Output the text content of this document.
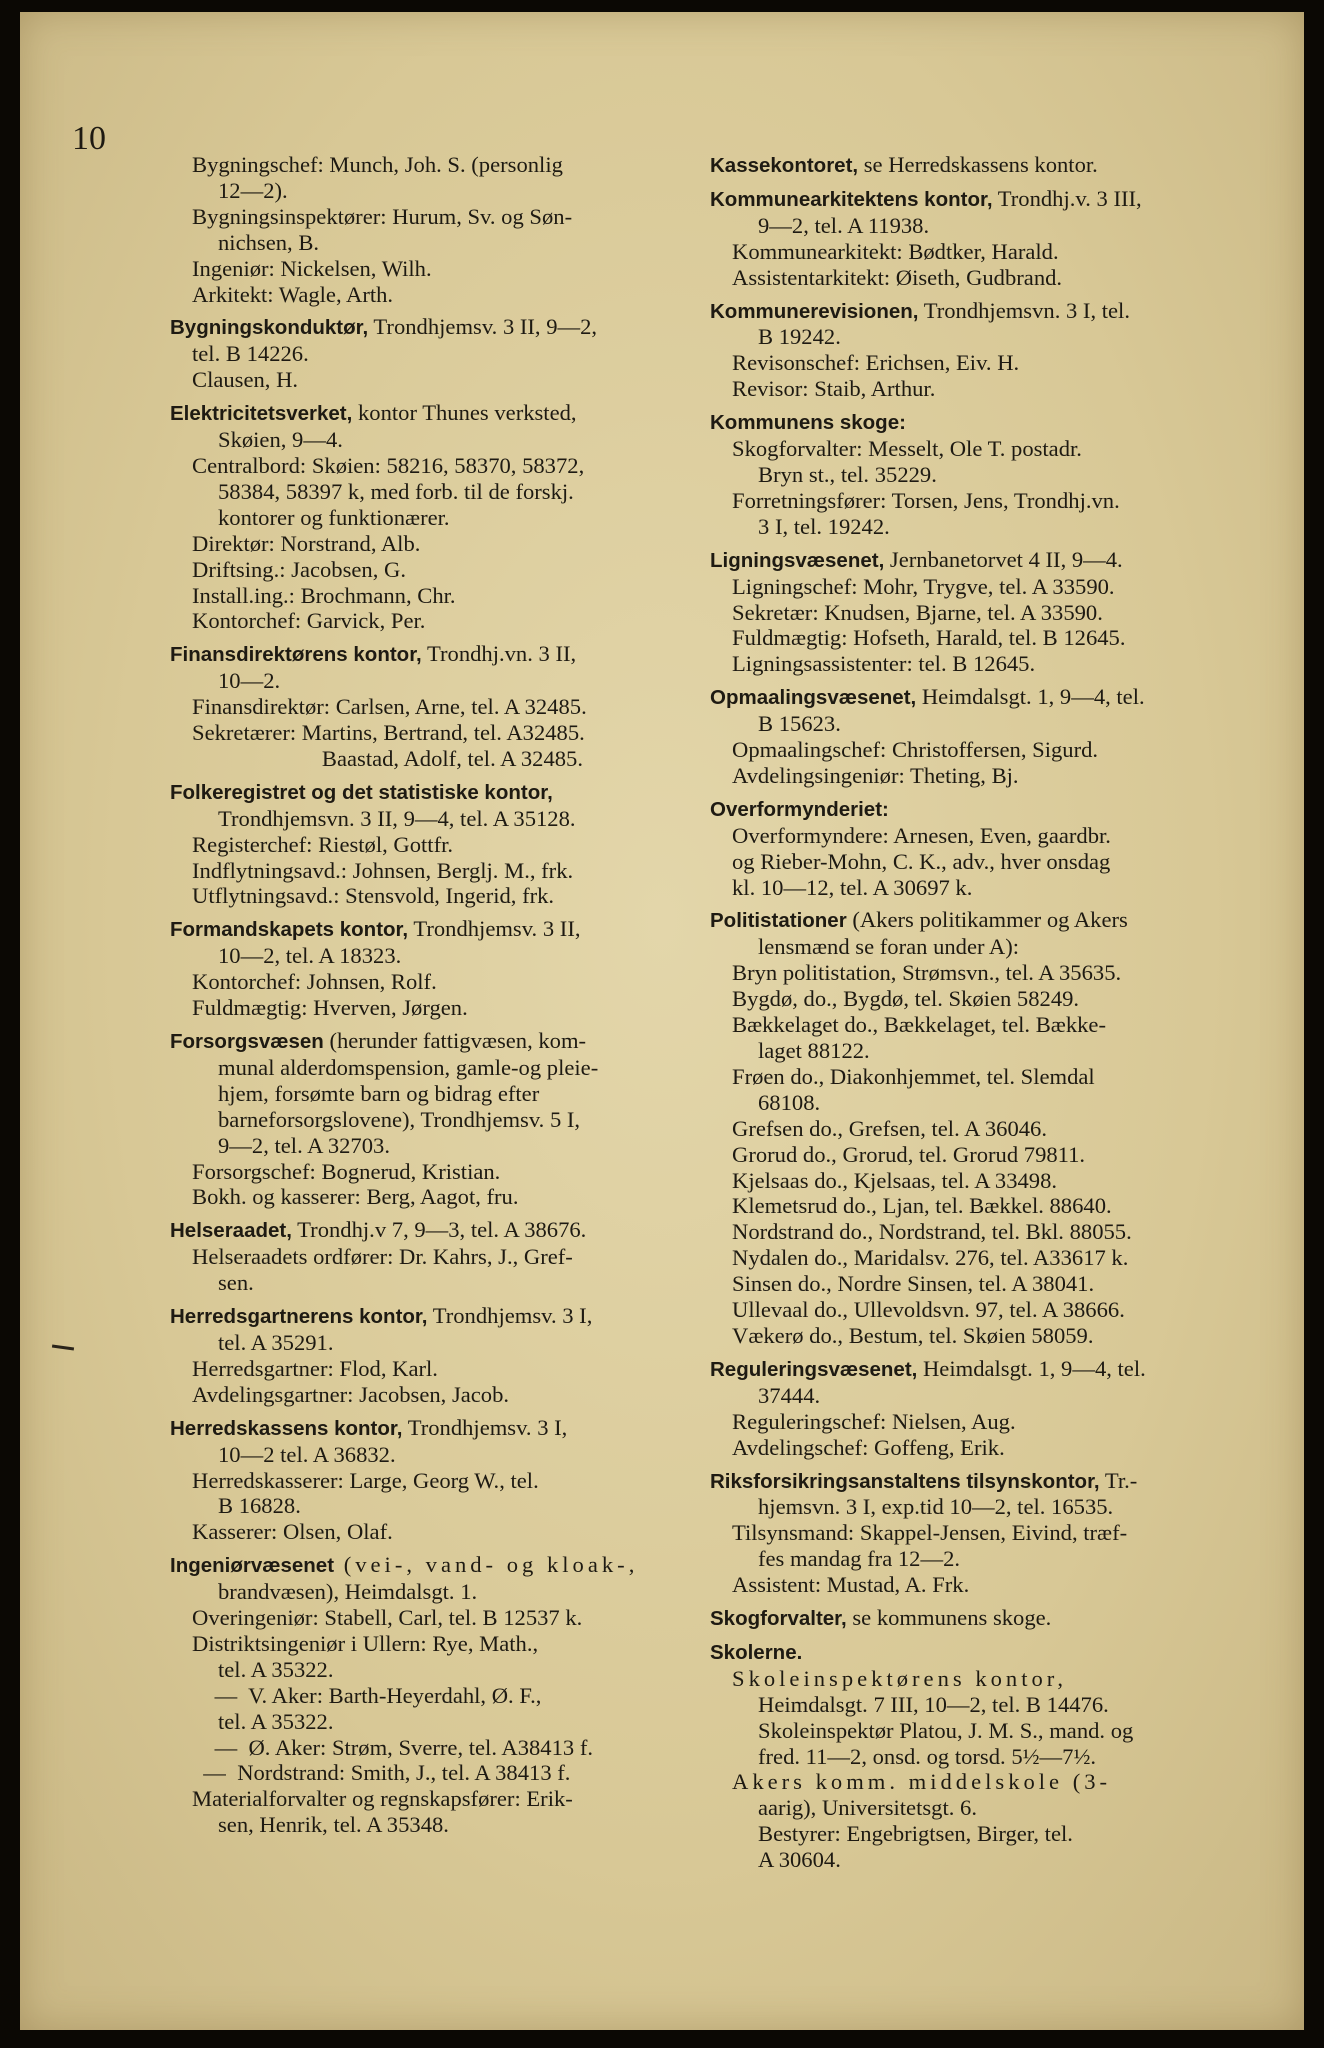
10
Bygningschef: Munch, Joh. S. (personlig
12—2).
Bygningsinspektører: Hurum, Sv. og Søn-
nichsen, B.
Ingeniør: Nickelsen, Wilh.
Arkitekt: Wagle, Arth.
Bygningskonduktør, Trondhjemsv. 3 II, 9—2,
tel. B 14226.
Clausen, H.
Elektricitetsverket, kontor Thunes verksted,
Skøien, 9—4.
Centralbord: Skøien: 58216, 58370, 58372,
58384, 58397 k, med forb. til de forskj.
kontorer og funktionærer.
Direktør: Norstrand, Alb.
Driftsing.: Jacobsen, G.
Install.ing.: Brochmann, Chr.
Kontorchef: Garvick, Per.
Finansdirektørens kontor, Trondhj.vn. 3 II,
10—2.
Finansdirektør: Carlsen, Arne, tel. A 32485.
Sekretærer: Martins, Bertrand, tel. A32485.
Baastad, Adolf, tel. A 32485.
Folkeregistret og det statistiske kontor,
Trondhjemsvn. 3 II, 9—4, tel. A 35128.
Registerchef: Riestøl, Gottfr.
Indflytningsavd.: Johnsen, Berglj. M., frk.
Utflytningsavd.: Stensvold, Ingerid, frk.
Formandskapets kontor, Trondhjemsv. 3 II,
10—2, tel. A 18323.
Kontorchef: Johnsen, Rolf.
Fuldmægtig: Hverven, Jørgen.
Forsorgsvæsen (herunder fattigvæsen, kom-
munal alderdomspension, gamle-og pleie-
hjem, forsømte barn og bidrag efter
barneforsorgslovene), Trondhjemsv. 5 I,
9—2, tel. A 32703.
Forsorgschef: Bognerud, Kristian.
Bokh. og kasserer: Berg, Aagot, fru.
Helseraadet, Trondhj.v 7, 9—3, tel. A 38676.
Helseraadets ordfører: Dr. Kahrs, J., Gref-
sen.
Herredsgartnerens kontor, Trondhjemsv. 3 I,
tel. A 35291.
Herredsgartner: Flod, Karl.
Avdelingsgartner: Jacobsen, Jacob.
Herredskassens kontor, Trondhjemsv. 3 I,
10—2 tel. A 36832.
Herredskasserer: Large, Georg W., tel.
B 16828.
Kasserer: Olsen, Olaf.
Ingeniørvæsenet (vei-, vand- og kloak-,
brandvæsen), Heimdalsgt. 1.
Overingeniør: Stabell, Carl, tel. B 12537 k.
Distriktsingeniør i Ullern: Rye, Math.,
tel. A 35322.
—  V. Aker: Barth-Heyerdahl, Ø. F.,
tel. A 35322.
—  Ø. Aker: Strøm, Sverre, tel. A38413 f.
—  Nordstrand: Smith, J., tel. A 38413 f.
Materialforvalter og regnskapsfører: Erik-
sen, Henrik, tel. A 35348.
Kassekontoret, se Herredskassens kontor.
Kommunearkitektens kontor, Trondhj.v. 3 III,
9—2, tel. A 11938.
Kommunearkitekt: Bødtker, Harald.
Assistentarkitekt: Øiseth, Gudbrand.
Kommunerevisionen, Trondhjemsvn. 3 I, tel.
B 19242.
Revisonschef: Erichsen, Eiv. H.
Revisor: Staib, Arthur.
Kommunens skoge:
Skogforvalter: Messelt, Ole T. postadr.
Bryn st., tel. 35229.
Forretningsfører: Torsen, Jens, Trondhj.vn.
3 I, tel. 19242.
Ligningsvæsenet, Jernbanetorvet 4 II, 9—4.
Ligningschef: Mohr, Trygve, tel. A 33590.
Sekretær: Knudsen, Bjarne, tel. A 33590.
Fuldmægtig: Hofseth, Harald, tel. B 12645.
Ligningsassistenter: tel. B 12645.
Opmaalingsvæsenet, Heimdalsgt. 1, 9—4, tel.
B 15623.
Opmaalingschef: Christoffersen, Sigurd.
Avdelingsingeniør: Theting, Bj.
Overformynderiet:
Overformyndere: Arnesen, Even, gaardbr.
og Rieber-Mohn, C. K., adv., hver onsdag
kl. 10—12, tel. A 30697 k.
Politistationer (Akers politikammer og Akers
lensmænd se foran under A):
Bryn politistation, Strømsvn., tel. A 35635.
Bygdø, do., Bygdø, tel. Skøien 58249.
Bækkelaget do., Bækkelaget, tel. Bække-
laget 88122.
Frøen do., Diakonhjemmet, tel. Slemdal
68108.
Grefsen do., Grefsen, tel. A 36046.
Grorud do., Grorud, tel. Grorud 79811.
Kjelsaas do., Kjelsaas, tel. A 33498.
Klemetsrud do., Ljan, tel. Bækkel. 88640.
Nordstrand do., Nordstrand, tel. Bkl. 88055.
Nydalen do., Maridalsv. 276, tel. A33617 k.
Sinsen do., Nordre Sinsen, tel. A 38041.
Ullevaal do., Ullevoldsvn. 97, tel. A 38666.
Vækerø do., Bestum, tel. Skøien 58059.
Reguleringsvæsenet, Heimdalsgt. 1, 9—4, tel.
37444.
Reguleringschef: Nielsen, Aug.
Avdelingschef: Goffeng, Erik.
Riksforsikringsanstaltens tilsynskontor, Tr.-
hjemsvn. 3 I, exp.tid 10—2, tel. 16535.
Tilsynsmand: Skappel-Jensen, Eivind, træf-
fes mandag fra 12—2.
Assistent: Mustad, A. Frk.
Skogforvalter, se kommunens skoge.
Skolerne.
Skoleinspektørens kontor,
Heimdalsgt. 7 III, 10—2, tel. B 14476.
Skoleinspektør Platou, J. M. S., mand. og
fred. 11—2, onsd. og torsd. 5½—7½.
Akers komm. middelskole (3-
aarig), Universitetsgt. 6.
Bestyrer: Engebrigtsen, Birger, tel.
A 30604.
